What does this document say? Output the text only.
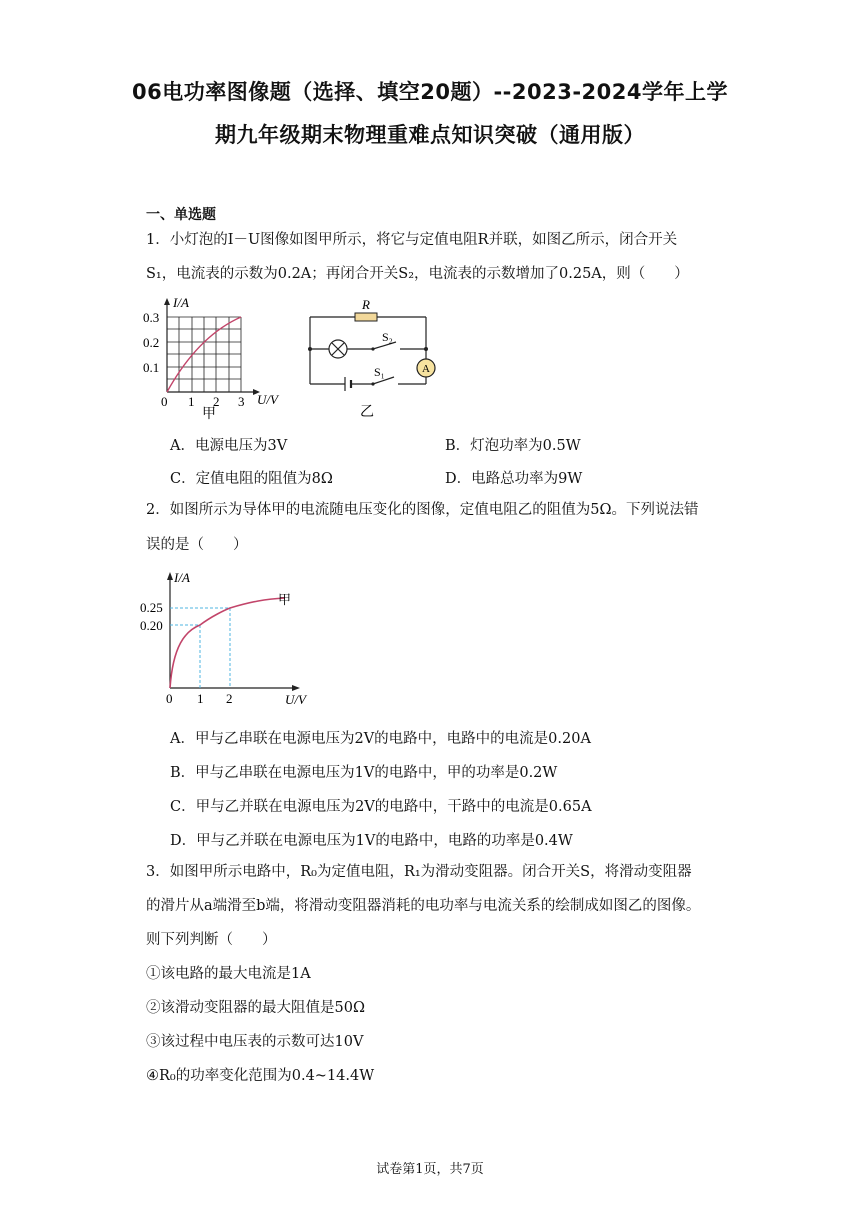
06电功率图像题（选择、填空20题）--2023-2024学年上学
期九年级期末物理重难点知识突破（通用版）
一、单选题
1．小灯泡的I－U图像如图甲所示，将它与定值电阻R并联，如图乙所示，闭合开关
S₁，电流表的示数为0.2A；再闭合开关S₂，电流表的示数增加了0.25A，则（　　）
I/A
0.3
0.2
0.1
0 1 2 3 U/V
甲
A
R
S₂
S₁
乙
A．电源电压为3V	B．灯泡功率为0.5W
C．定值电阻的阻值为8Ω	D．电路总功率为9W
2．如图所示为导体甲的电流随电压变化的图像，定值电阻乙的阻值为5Ω。下列说法错
误的是（　　）
I/A
0.25
0.20
0 1 2	U/V
甲
A．甲与乙串联在电源电压为2V的电路中，电路中的电流是0.20A
B．甲与乙串联在电源电压为1V的电路中，甲的功率是0.2W
C．甲与乙并联在电源电压为2V的电路中，干路中的电流是0.65A
D．甲与乙并联在电源电压为1V的电路中，电路的功率是0.4W
3．如图甲所示电路中，R₀为定值电阻，R₁为滑动变阻器。闭合开关S，将滑动变阻器
的滑片从a端滑至b端，将滑动变阻器消耗的电功率与电流关系的绘制成如图乙的图像。
则下列判断（　　）
①该电路的最大电流是1A
②该滑动变阻器的最大阻值是50Ω
③该过程中电压表的示数可达10V
④R₀的功率变化范围为0.4~14.4W
试卷第1页，共7页
